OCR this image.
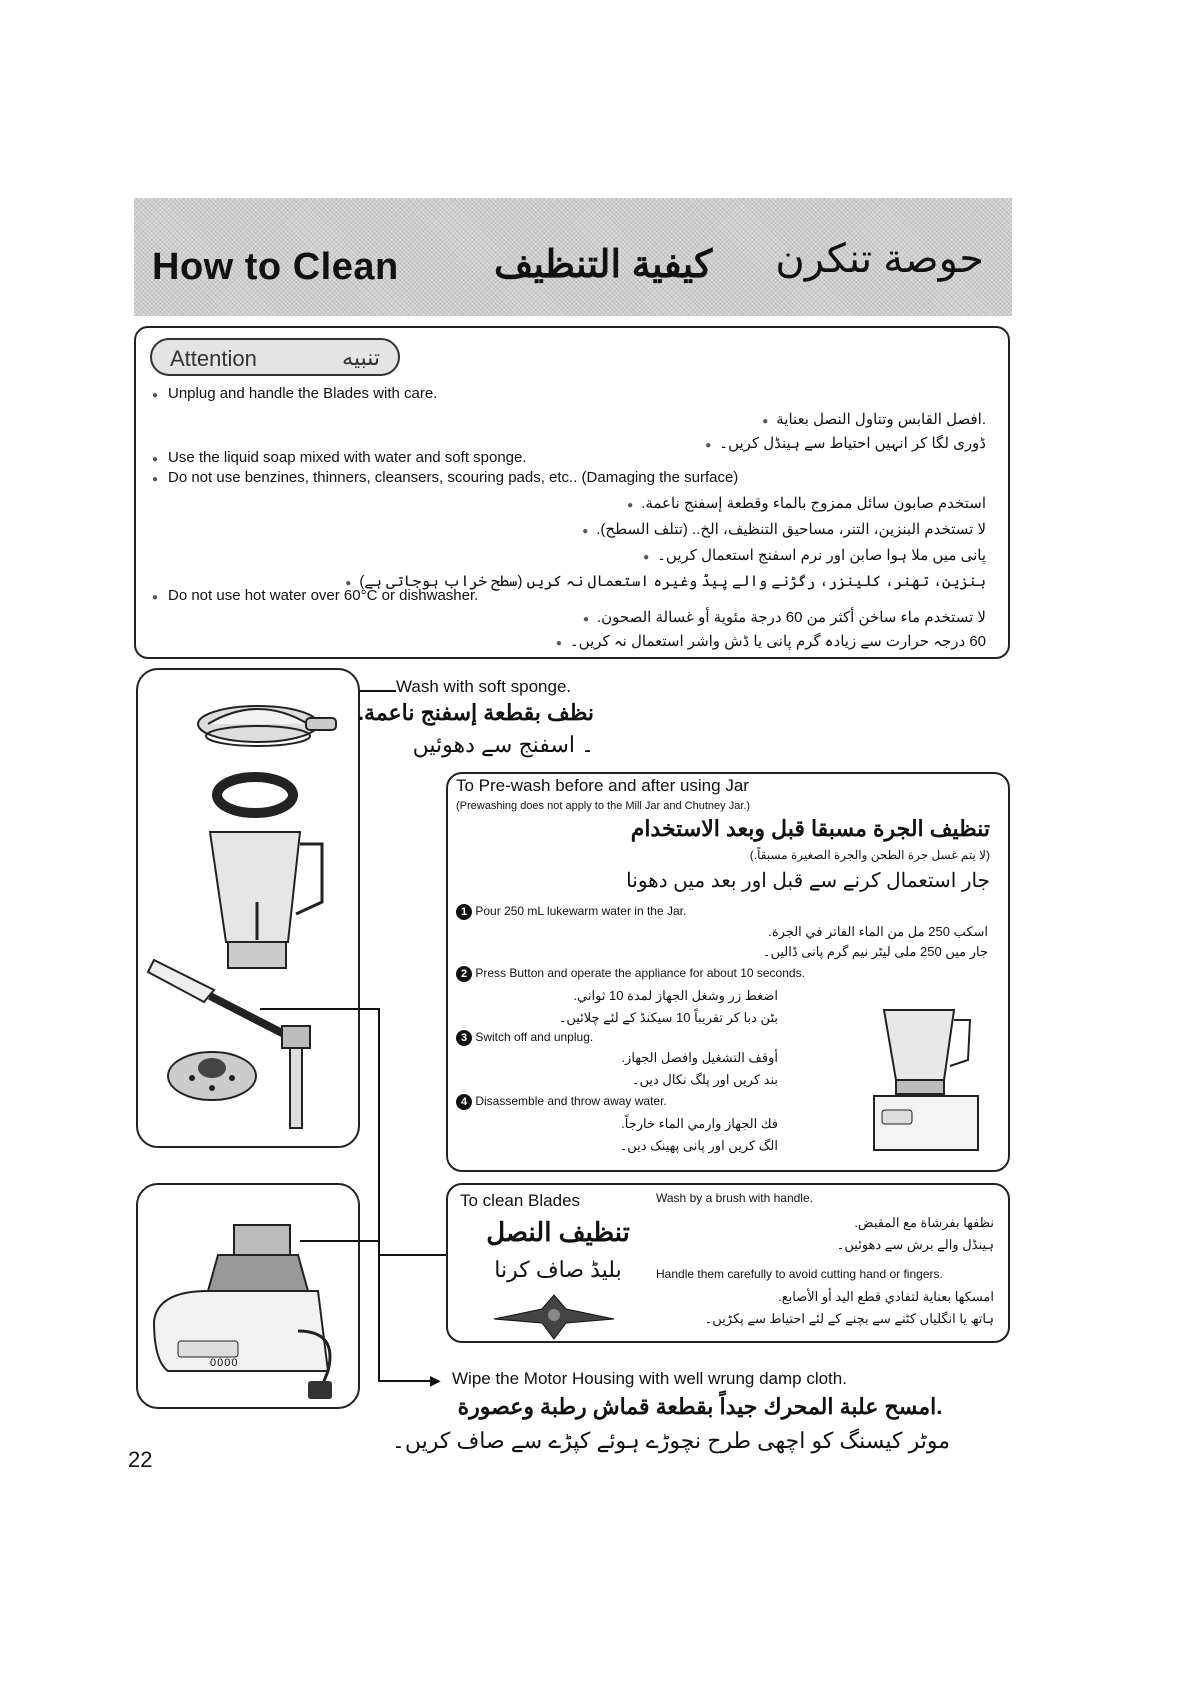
How to Clean	كيفية التنظيف حوصة تنكرن
Attention	تنبيه
● Unplug and handle the Blades with care.
.افصل القابس وتناول النصل بعناية ●
ڈوری لگا کر انہیں احتیاط سے ہینڈل کریں۔ ●
● Use the liquid soap mixed with water and soft sponge.
● Do not use benzines, thinners, cleansers, scouring pads, etc.. (Damaging the surface)
استخدم صابون سائل ممزوج بالماء وقطعة إسفنج ناعمة. ●
لا تستخدم البنزين، التنر، مساحيق التنظيف، الخ.. (تتلف السطح). ●
پانی میں ملا ہوا صابن اور نرم اسفنج استعمال کریں۔ ●
بنزین، تھنر، کلینزر، رگڑنے والے پیڈ وغیرہ استعمال نہ کریں (سطح خراب ہوجاتی ہے) ●
● Do not use hot water over 60°C or dishwasher.
لا تستخدم ماء ساخن أكثر من 60 درجة مئوية أو غسالة الصحون. ●
60 درجہ حرارت سے زیادہ گرم پانی یا ڈش واشر استعمال نہ کریں۔ ●
Wash with soft sponge.
نظف بقطعة إسفنج ناعمة.
۔ اسفنج سے دھوئیں
To Pre-wash before and after using Jar
(Prewashing does not apply to the Mill Jar and Chutney Jar.)
تنظيف الجرة مسبقا قبل وبعد الاستخدام
(لا يتم غسل جرة الطحن والجرة الصغيرة مسبقاً.)
جار استعمال کرنے سے قبل اور بعد میں دھونا
1 Pour 250 mL lukewarm water in the Jar.
اسكب 250 مل من الماء الفاتر في الجرة.
جار میں 250 ملی لیٹر نیم گرم پانی ڈالیں۔
2 Press Button and operate the appliance for about 10 seconds.
اضغط زر وشغل الجهاز لمدة 10 ثواني.
بٹن دبا کر تقریباً 10 سیکنڈ کے لئے چلائیں۔
3 Switch off and unplug.
أوقف التشغيل وافصل الجهاز.
بند کریں اور پلگ نکال دیں۔
4 Disassemble and throw away water.
فك الجهاز وارمي الماء خارجاً.
الگ کریں اور پانی پھینک دیں۔
To clean Blades
تنظيف النصل
بلیڈ صاف کرنا
Wash by a brush with handle.
نظفها بفرشاة مع المقبض.
ہینڈل والے برش سے دھوئیں۔
Handle them carefully to avoid cutting hand or fingers.
امسكها بعناية لتفادي قطع اليد أو الأصابع.
ہاتھ یا انگلیاں کٹنے سے بچنے کے لئے احتیاط سے پکڑیں۔
0000
▶ Wipe the Motor Housing with well wrung damp cloth.
.امسح علبة المحرك جيداً بقطعة قماش رطبة وعصورة
موٹر کیسنگ کو اچھی طرح نچوڑے ہوئے کپڑے سے صاف کریں۔
22
